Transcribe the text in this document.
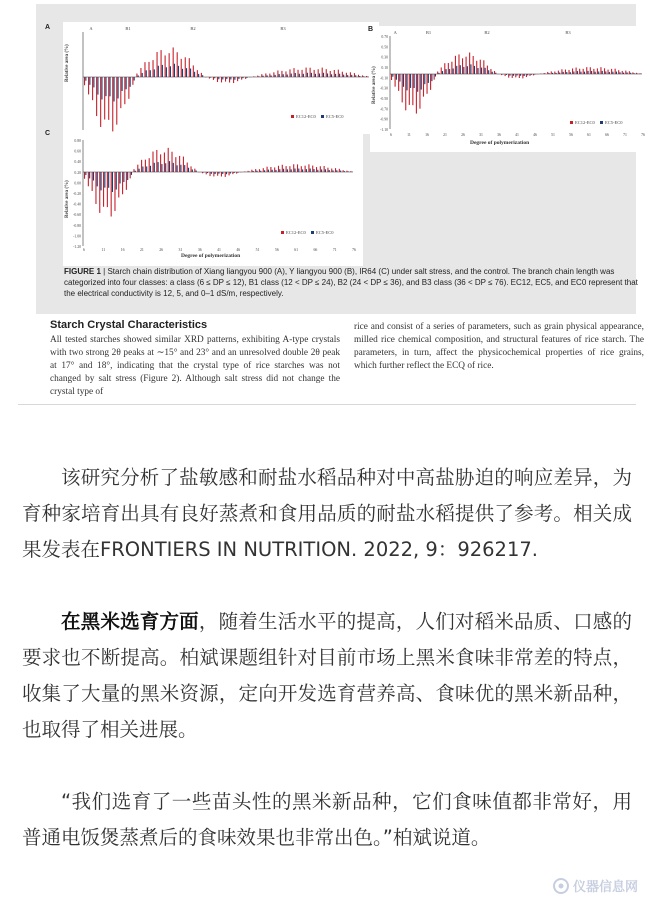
A
EC12-EC0 EC5-EC0
A	B1	B2	B3
Relative area (%)
B
EC12-EC0 EC5-EC0
A	B1	B2	B3
0.70
0.50
0.30
0.10
-0.10
-0.30
-0.50
-0.70
-0.90
-1.10
6	11	16	21	26	31	36	41	46	51	56	61	66	71	76
Relative area (%)
Degree of polymerization
C
EC12-EC0 EC5-EC0
0.80
0.60
0.40
0.20
0.00
-0.20
-0.40
-0.60
-0.80
-1.00
-1.20
6	11	16	21	26	31	36	41	46	51	56	61	66	71	76
Relative area (%)
Degree of polymerization
FIGURE 1 | Starch chain distribution of Xiang liangyou 900 (A), Y liangyou 900 (B), IR64 (C) under salt stress, and the control. The branch chain length was categorized into four classes: a class (6 ≤ DP ≤ 12), B1 class (12 < DP ≤ 24), B2 (24 < DP ≤ 36), and B3 class (36 < DP ≤ 76). EC12, EC5, and EC0 represent that the electrical conductivity is 12, 5, and 0–1 dS/m, respectively.
Starch Crystal Characteristics
All tested starches showed similar XRD patterns, exhibiting A-type crystals with two strong 2θ peaks at ∼15° and 23° and an unresolved double 2θ peak at 17° and 18°, indicating that the crystal type of rice starches was not changed by salt stress (Figure 2). Although salt stress did not change the crystal type of
rice and consist of a series of parameters, such as grain physical appearance, milled rice chemical composition, and structural features of rice starch. The parameters, in turn, affect the physicochemical properties of rice grains, which further reflect the ECQ of rice.
该研究分析了盐敏感和耐盐水稻品种对中高盐胁迫的响应差异，为育种家培育出具有良好蒸煮和食用品质的耐盐水稻提供了参考。相关成果发表在FRONTIERS IN NUTRITION. 2022, 9：926217.
在黑米选育方面，随着生活水平的提高，人们对稻米品质、口感的要求也不断提高。柏斌课题组针对目前市场上黑米食味非常差的特点，收集了大量的黑米资源，定向开发选育营养高、食味优的黑米新品种，也取得了相关进展。
“我们选育了一些苗头性的黑米新品种，它们食味值都非常好，用普通电饭煲蒸煮后的食味效果也非常出色。”柏斌说道。
仪器信息网
